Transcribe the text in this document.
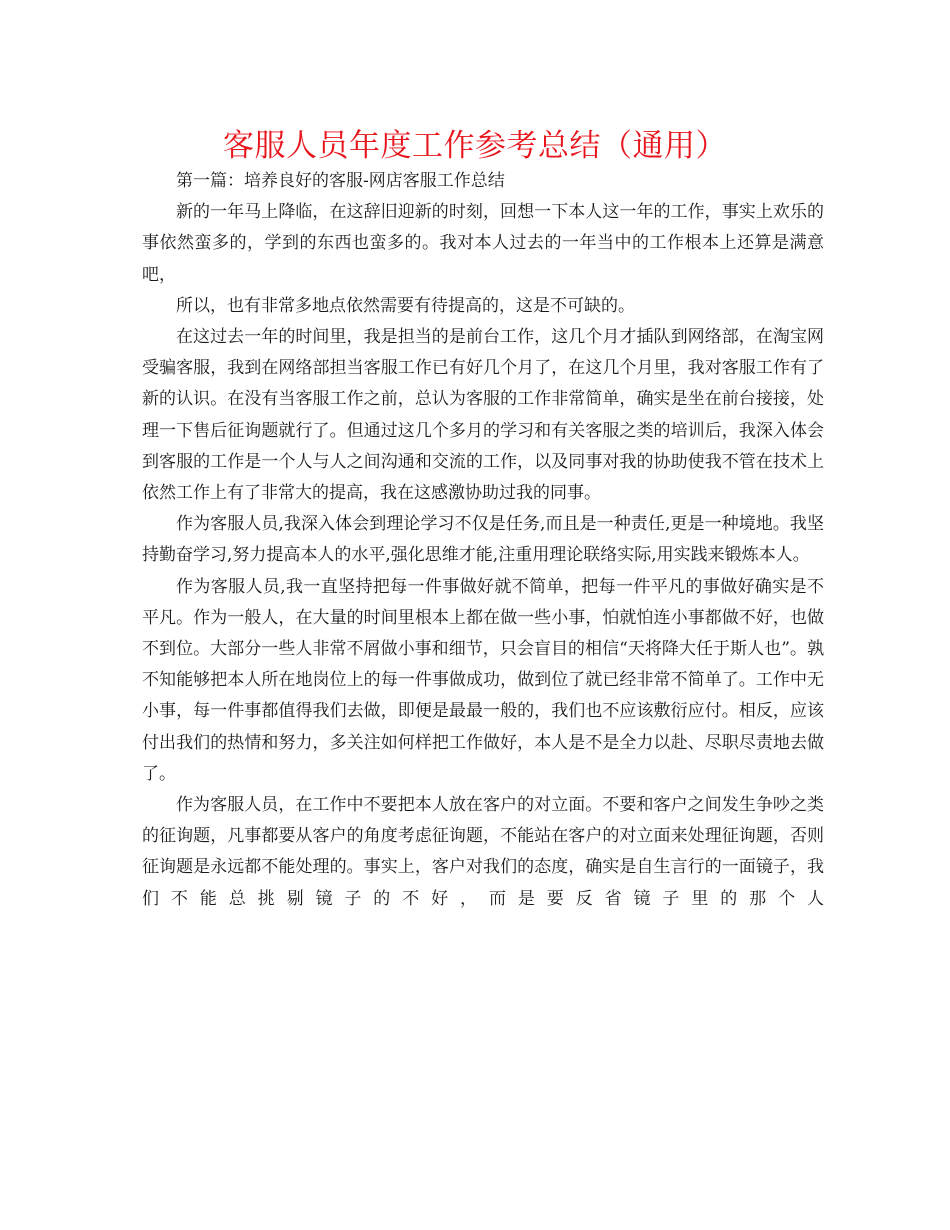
客服人员年度工作参考总结（通用）

第一篇：培养良好的客服-网店客服工作总结

新的一年马上降临，在这辞旧迎新的时刻，回想一下本人这一年的工作，事实上欢乐的事依然蛮多的，学到的东西也蛮多的。我对本人过去的一年当中的工作根本上还算是满意吧，

所以，也有非常多地点依然需要有待提高的，这是不可缺的。

在这过去一年的时间里，我是担当的是前台工作，这几个月才插队到网络部，在淘宝网受骗客服，我到在网络部担当客服工作已有好几个月了，在这几个月里，我对客服工作有了新的认识。在没有当客服工作之前，总认为客服的工作非常简单，确实是坐在前台接接，处理一下售后征询题就行了。但通过这几个多月的学习和有关客服之类的培训后，我深入体会到客服的工作是一个人与人之间沟通和交流的工作，以及同事对我的协助使我不管在技术上依然工作上有了非常大的提高，我在这感激协助过我的同事。

作为客服人员,我深入体会到理论学习不仅是任务,而且是一种责任,更是一种境地。我坚持勤奋学习,努力提高本人的水平,强化思维才能,注重用理论联络实际,用实践来锻炼本人。

作为客服人员,我一直坚持把每一件事做好就不简单，把每一件平凡的事做好确实是不平凡。作为一般人，在大量的时间里根本上都在做一些小事，怕就怕连小事都做不好，也做不到位。大部分一些人非常不屑做小事和细节，只会盲目的相信“天将降大任于斯人也”。孰不知能够把本人所在地岗位上的每一件事做成功，做到位了就已经非常不简单了。工作中无小事，每一件事都值得我们去做，即便是最最一般的，我们也不应该敷衍应付。相反，应该付出我们的热情和努力，多关注如何样把工作做好，本人是不是全力以赴、尽职尽责地去做了。

作为客服人员，在工作中不要把本人放在客户的对立面。不要和客户之间发生争吵之类的征询题，凡事都要从客户的角度考虑征询题，不能站在客户的对立面来处理征询题，否则征询题是永远都不能处理的。事实上，客户对我们的态度，确实是自生言行的一面镜子，我们不能总挑剔镜子的不好，而是要反省镜子里的那个人
